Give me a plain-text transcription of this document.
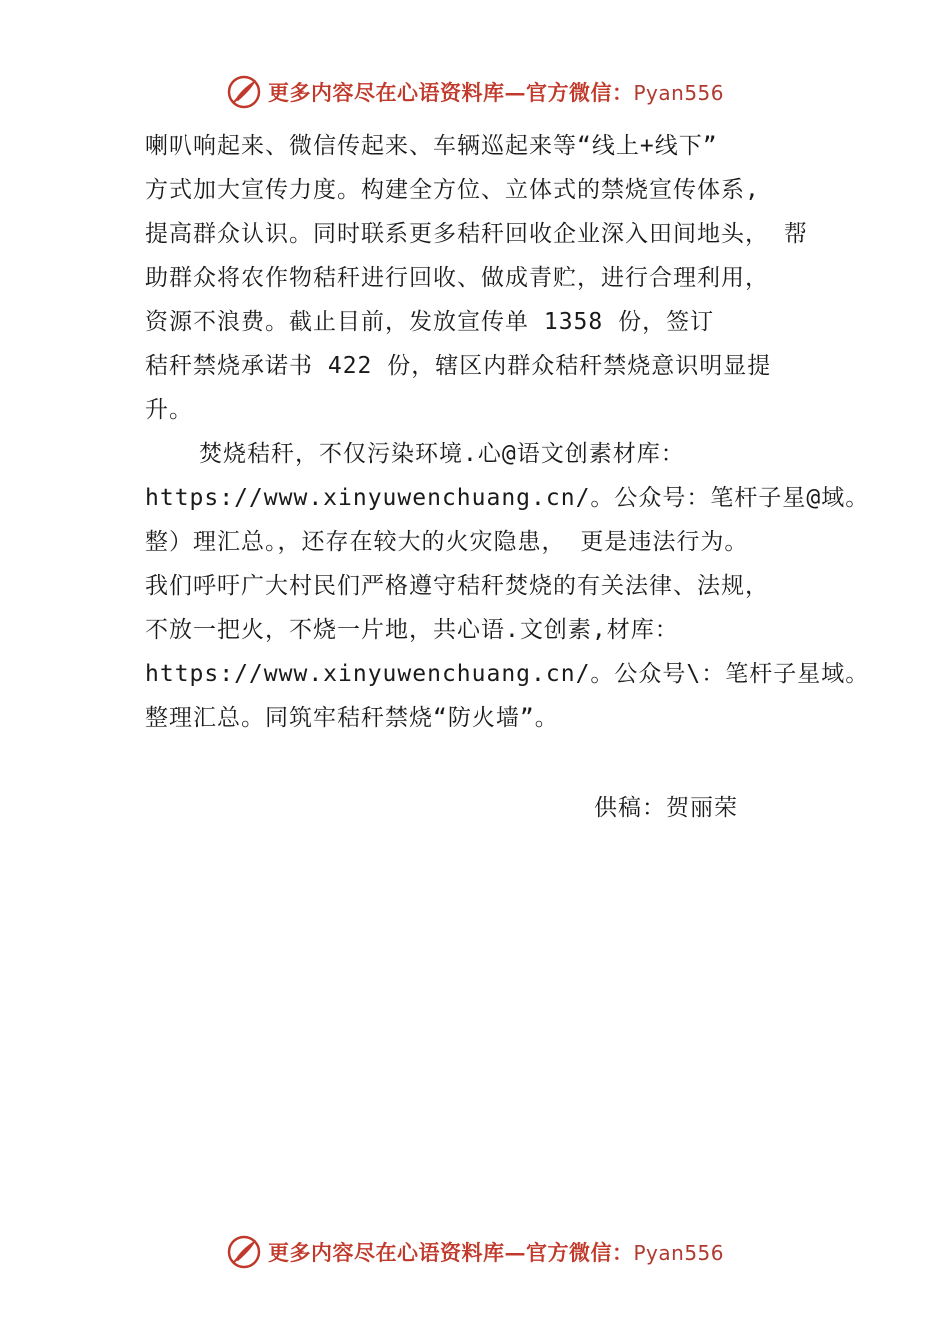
更多内容尽在心语资料库—官方微信：Pyan556
喇叭响起来、微信传起来、车辆巡起来等“线上+线下”
方式加大宣传力度。构建全方位、立体式的禁烧宣传体系,
提高群众认识。同时联系更多秸秆回收企业深入田间地头， 帮
助群众将农作物秸秆进行回收、做成青贮，进行合理利用，
资源不浪费。截止目前，发放宣传单 1358 份，签订
秸秆禁烧承诺书 422 份，辖区内群众秸秆禁烧意识明显提
升。
焚烧秸秆，不仅污染环境.心@语文创素材库：
https://www.xinyuwenchuang.cn/。公众号：笔杆子星@域。
整）理汇总。，还存在较大的火灾隐患， 更是违法行为。
我们呼吁广大村民们严格遵守秸秆焚烧的有关法律、法规，
不放一把火，不烧一片地，共心语.文创素,材库：
https://www.xinyuwenchuang.cn/。公众号\：笔杆子星域。
整理汇总。同筑牢秸秆禁烧“防火墙”。
供稿：贺丽荣
更多内容尽在心语资料库—官方微信：Pyan556
